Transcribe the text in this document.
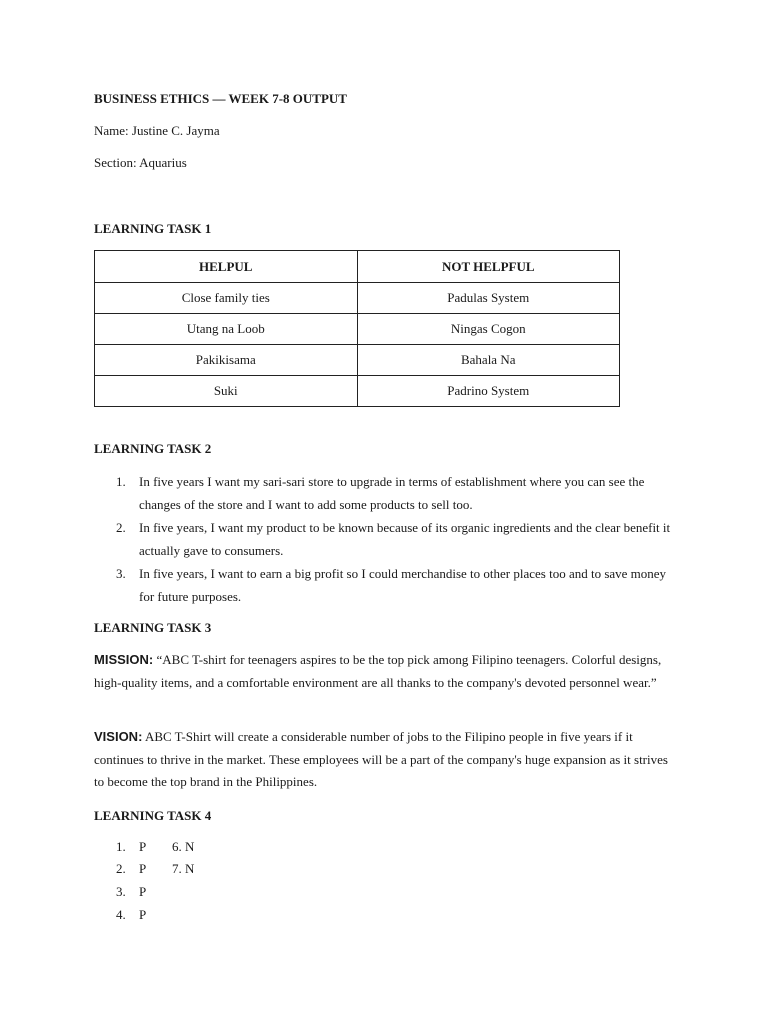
BUSINESS ETHICS — WEEK 7-8 OUTPUT
Name: Justine C. Jayma
Section: Aquarius
LEARNING TASK 1
HELPUL	NOT HELPFUL
Close family ties	Padulas System
Utang na Loob	Ningas Cogon
Pakikisama	Bahala Na
Suki	Padrino System
LEARNING TASK 2
1. In five years I want my sari-sari store to upgrade in terms of establishment where you can see the changes of the store and I want to add some products to sell too.
2. In five years, I want my product to be known because of its organic ingredients and the clear benefit it actually gave to consumers.
3. In five years, I want to earn a big profit so I could merchandise to other places too and to save money for future purposes.
LEARNING TASK 3
MISSION: “ABC T-shirt for teenagers aspires to be the top pick among Filipino teenagers. Colorful designs, high-quality items, and a comfortable environment are all thanks to the company's devoted personnel wear.”
VISION: ABC T-Shirt will create a considerable number of jobs to the Filipino people in five years if it continues to thrive in the market. These employees will be a part of the company's huge expansion as it strives to become the top brand in the Philippines.
LEARNING TASK 4
1. P 6. N
2. P 7. N
3. P
4. P
